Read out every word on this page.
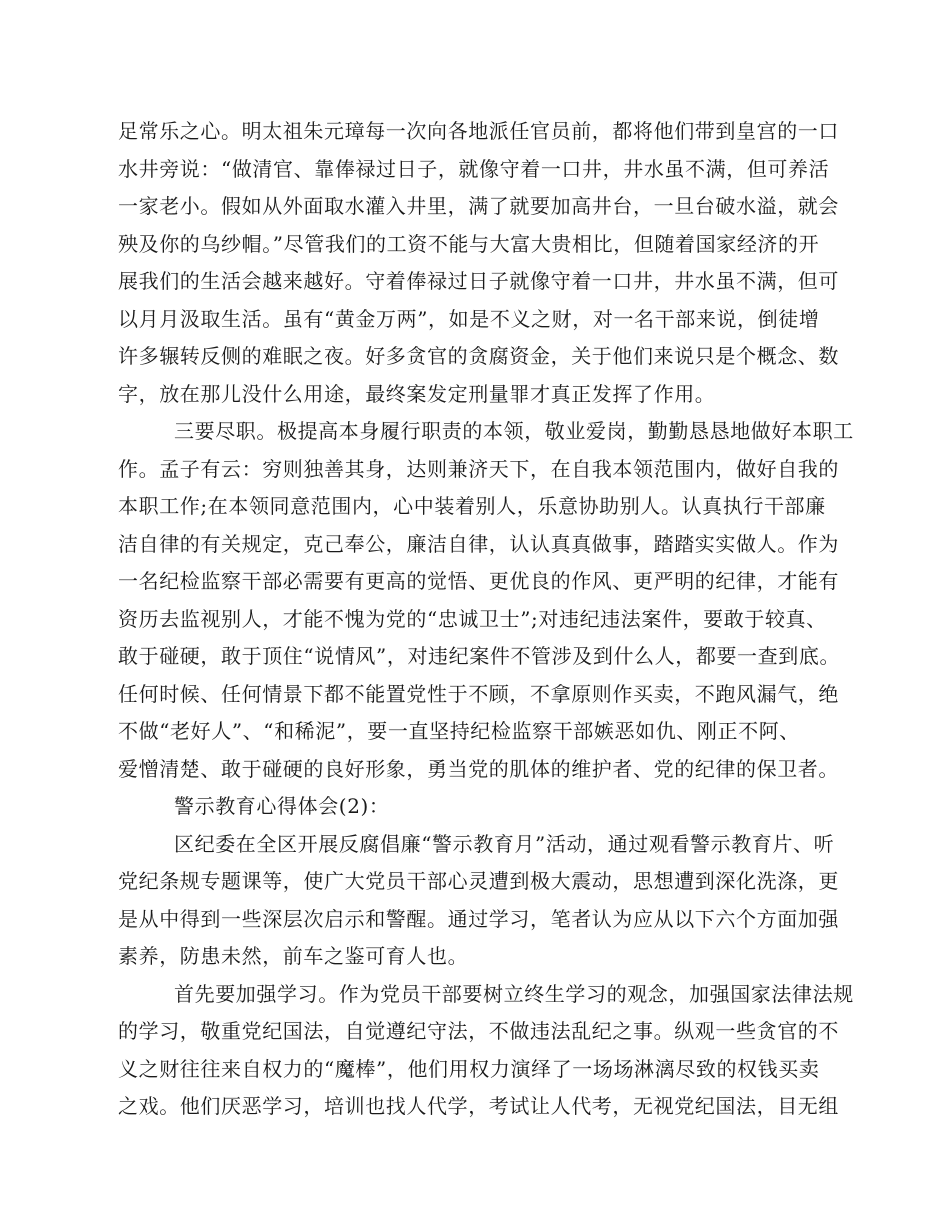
足常乐之心。明太祖朱元璋每一次向各地派任官员前，都将他们带到皇宫的一口
水井旁说：“做清官、靠俸禄过日子，就像守着一口井，井水虽不满，但可养活
一家老小。假如从外面取水灌入井里，满了就要加高井台，一旦台破水溢，就会
殃及你的乌纱帽。”尽管我们的工资不能与大富大贵相比，但随着国家经济的开
展我们的生活会越来越好。守着俸禄过日子就像守着一口井，井水虽不满，但可
以月月汲取生活。虽有“黄金万两”，如是不义之财，对一名干部来说，倒徒增
许多辗转反侧的难眠之夜。好多贪官的贪腐资金，关于他们来说只是个概念、数
字，放在那儿没什么用途，最终案发定刑量罪才真正发挥了作用。
三要尽职。极提高本身履行职责的本领，敬业爱岗，勤勤恳恳地做好本职工
作。孟子有云：穷则独善其身，达则兼济天下，在自我本领范围内，做好自我的
本职工作;在本领同意范围内，心中装着别人，乐意协助别人。认真执行干部廉
洁自律的有关规定，克己奉公，廉洁自律，认认真真做事，踏踏实实做人。作为
一名纪检监察干部必需要有更高的觉悟、更优良的作风、更严明的纪律，才能有
资历去监视别人，才能不愧为党的“忠诚卫士”;对违纪违法案件，要敢于较真、
敢于碰硬，敢于顶住“说情风”，对违纪案件不管涉及到什么人，都要一查到底。
任何时候、任何情景下都不能置党性于不顾，不拿原则作买卖，不跑风漏气，绝
不做“老好人”、“和稀泥”，要一直坚持纪检监察干部嫉恶如仇、刚正不阿、
爱憎清楚、敢于碰硬的良好形象，勇当党的肌体的维护者、党的纪律的保卫者。
警示教育心得体会(2)：
区纪委在全区开展反腐倡廉“警示教育月”活动，通过观看警示教育片、听
党纪条规专题课等，使广大党员干部心灵遭到极大震动，思想遭到深化洗涤，更
是从中得到一些深层次启示和警醒。通过学习，笔者认为应从以下六个方面加强
素养，防患未然，前车之鉴可育人也。
首先要加强学习。作为党员干部要树立终生学习的观念，加强国家法律法规
的学习，敬重党纪国法，自觉遵纪守法，不做违法乱纪之事。纵观一些贪官的不
义之财往往来自权力的“魔棒”，他们用权力演绎了一场场淋漓尽致的权钱买卖
之戏。他们厌恶学习，培训也找人代学，考试让人代考，无视党纪国法，目无组
